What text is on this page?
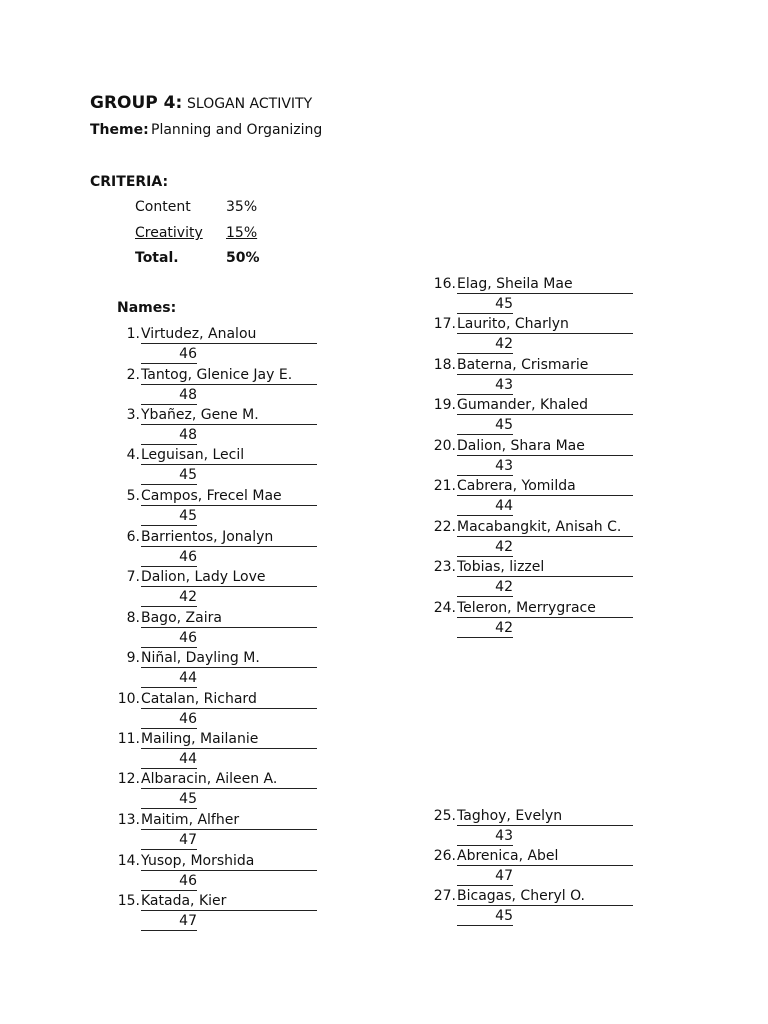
GROUP 4: SLOGAN ACTIVITY
Theme: Planning and Organizing
CRITERIA:
Content	35%
Creativity 15%
Total.	50%
Names:
1. Virtudez, Analou
46
2. Tantog, Glenice Jay E.
48
3. Ybañez, Gene M.
48
4. Leguisan, Lecil
45
5. Campos, Frecel Mae
45
6. Barrientos, Jonalyn
46
7. Dalion, Lady Love
42
8. Bago, Zaira
46
9. Niñal, Dayling M.
44
10. Catalan, Richard
46
11. Mailing, Mailanie
44
12. Albaracin, Aileen A.
45
13. Maitim, Alfher
47
14. Yusop, Morshida
46
15. Katada, Kier
47
16. Elag, Sheila Mae
45
17. Laurito, Charlyn
42
18. Baterna, Crismarie
43
19. Gumander, Khaled
45
20. Dalion, Shara Mae
43
21. Cabrera, Yomilda
44
22. Macabangkit, Anisah C.
42
23. Tobias, lizzel
42
24. Teleron, Merrygrace
42
25. Taghoy, Evelyn
43
26. Abrenica, Abel
47
27. Bicagas, Cheryl O.
45
